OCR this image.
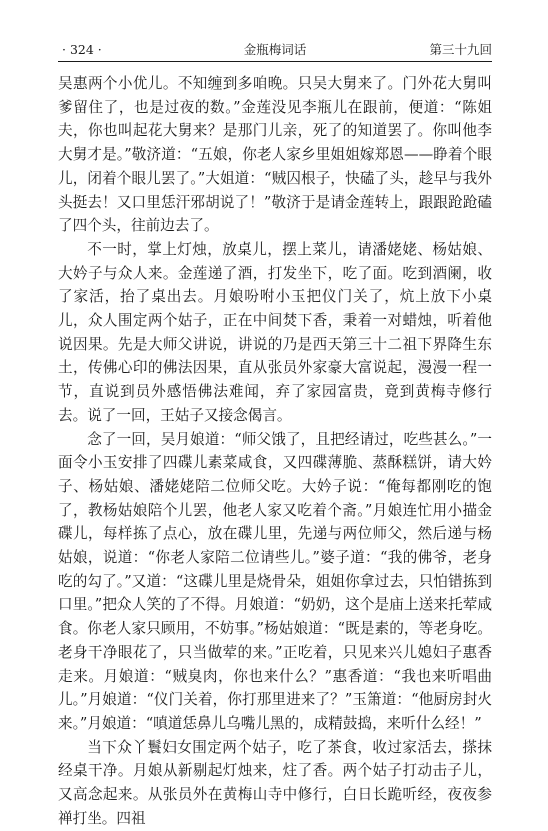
· 324 ·	金瓶梅词话	第三十九回

吴惠两个小优儿。不知缠到多咱晚。只吴大舅来了。门外花大舅叫爹留住了，也是过夜的数。”金莲没见李瓶儿在跟前，便道：“陈姐夫，你也叫起花大舅来？是那门儿亲，死了的知道罢了。你叫他李大舅才是。”敬济道：“五娘，你老人家乡里姐姐嫁郑恩——睁着个眼儿，闭着个眼儿罢了。”大姐道：“贼囚根子，快磕了头，趁早与我外头挺去！又口里恁汗邪胡说了！”敬济于是请金莲转上，跟跟跄跄磕了四个头，往前边去了。

不一时，掌上灯烛，放桌儿，摆上菜儿，请潘姥姥、杨姑娘、大妗子与众人来。金莲递了酒，打发坐下，吃了面。吃到酒阑，收了家活，抬了桌出去。月娘吩咐小玉把仪门关了，炕上放下小桌儿，众人围定两个姑子，正在中间焚下香，秉着一对蜡烛，听着他说因果。先是大师父讲说，讲说的乃是西天第三十二祖下界降生东土，传佛心印的佛法因果，直从张员外家豪大富说起，漫漫一程一节，直说到员外感悟佛法难闻，弃了家园富贵，竟到黄梅寺修行去。说了一回，王姑子又接念偈言。

念了一回，吴月娘道：“师父饿了，且把经请过，吃些甚么。”一面令小玉安排了四碟儿素菜咸食，又四碟薄脆、蒸酥糕饼，请大妗子、杨姑娘、潘姥姥陪二位师父吃。大妗子说：“俺每都刚吃的饱了，教杨姑娘陪个儿罢，他老人家又吃着个斋。”月娘连忙用小描金碟儿，每样拣了点心，放在碟儿里，先递与两位师父，然后递与杨姑娘，说道：“你老人家陪二位请些儿。”婆子道：“我的佛爷，老身吃的勾了。”又道：“这碟儿里是烧骨朵，姐姐你拿过去，只怕错拣到口里。”把众人笑的了不得。月娘道：“奶奶，这个是庙上送来托荤咸食。你老人家只顾用，不妨事。”杨姑娘道：“既是素的，等老身吃。老身干净眼花了，只当做荤的来。”正吃着，只见来兴儿媳妇子惠香走来。月娘道：“贼臭肉，你也来什么？”惠香道：“我也来听唱曲儿。”月娘道：“仪门关着，你打那里进来了？”玉箫道：“他厨房封火来。”月娘道：“嗔道恁鼻儿乌嘴儿黑的，成精鼓捣，来听什么经！”

当下众丫鬟妇女围定两个姑子，吃了茶食，收过家活去，搽抹经桌干净。月娘从新剔起灯烛来，炷了香。两个姑子打动击子儿，又高念起来。从张员外在黄梅山寺中修行，白日长跪听经，夜夜参禅打坐。四祖
